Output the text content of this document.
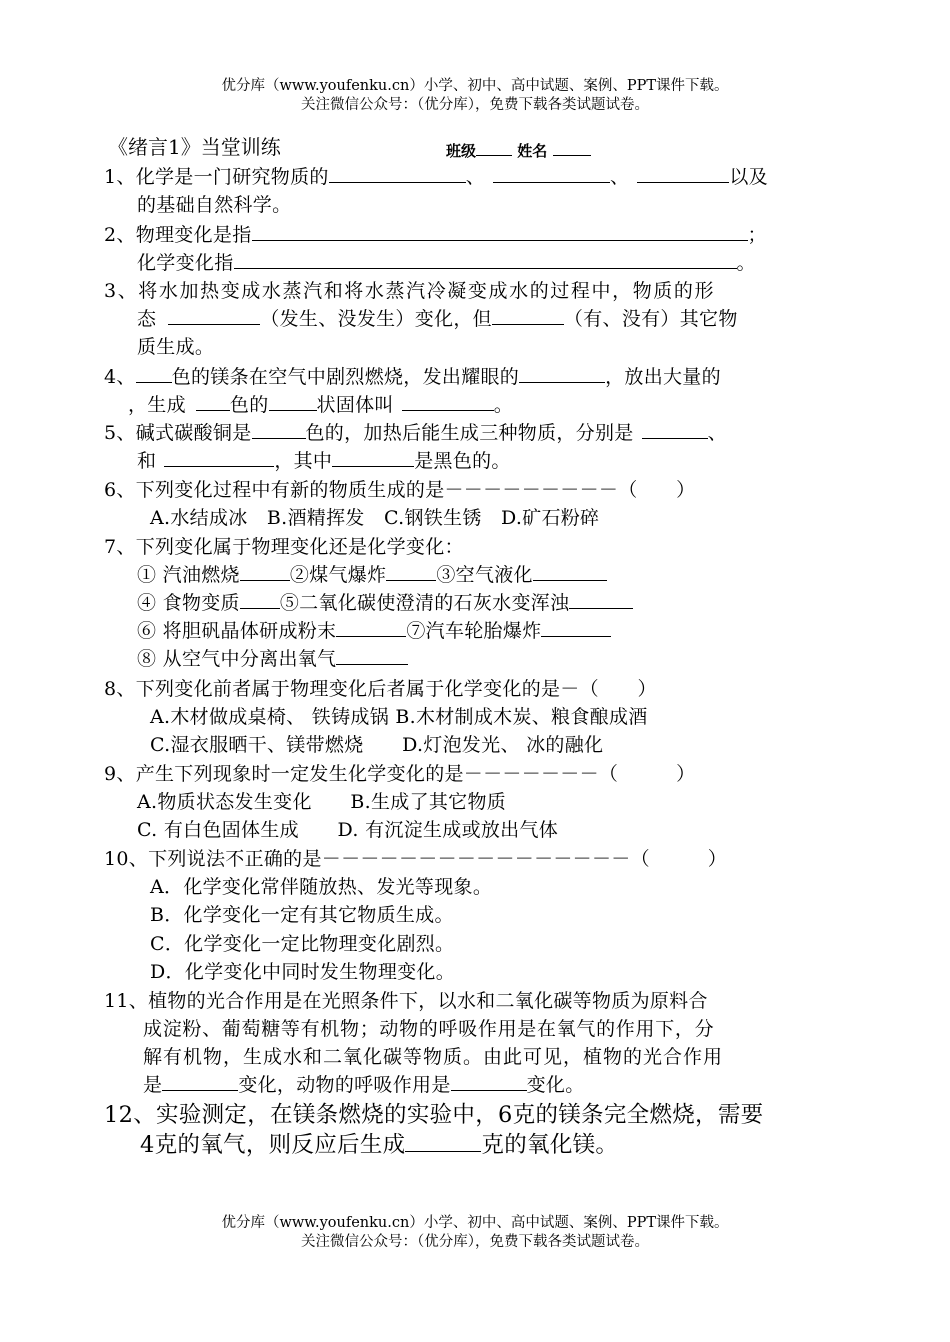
优分库（www.youfenku.cn）小学、初中、高中试题、案例、PPT课件下载。
关注微信公众号：（优分库），免费下载各类试题试卷。
《绪言1》当堂训练	班级	姓名
1、化学是一门研究物质的	、	、	以及
的基础自然科学。
2、物理变化是指	；
化学变化指	。
3、将水加热变成水蒸汽和将水蒸汽冷凝变成水的过程中，物质的形
态	（发生、没发生）变化，但	（有、没有）其它物
质生成。
4、 色的镁条在空气中剧烈燃烧，发出耀眼的	，放出大量的
，生成 色的	状固体叫	。
5、碱式碳酸铜是	色的，加热后能生成三种物质，分别是	、
和	，其中	是黑色的。
6、下列变化过程中有新的物质生成的是－－－－－－－－－（　　）
A.水结成冰　B.酒精挥发　C.钢铁生锈　D.矿石粉碎
7、下列变化属于物理变化还是化学变化：
① 汽油燃烧	②煤气爆炸	③空气液化
④ 食物变质 ⑤二氧化碳使澄清的石灰水变浑浊
⑥ 将胆矾晶体研成粉末	⑦汽车轮胎爆炸
⑧ 从空气中分离出氧气
8、下列变化前者属于物理变化后者属于化学变化的是－（　　）
A.木材做成桌椅、 铁铸成锅 B.木材制成木炭、粮食酿成酒
C.湿衣服晒干、镁带燃烧　　D.灯泡发光、 冰的融化
9、产生下列现象时一定发生化学变化的是－－－－－－－（　　　）
A.物质状态发生变化　　B.生成了其它物质
C. 有白色固体生成　　D. 有沉淀生成或放出气体
10、下列说法不正确的是－－－－－－－－－－－－－－－－（　　　）
A．化学变化常伴随放热、发光等现象。
B．化学变化一定有其它物质生成。
C．化学变化一定比物理变化剧烈。
D．化学变化中同时发生物理变化。
11、植物的光合作用是在光照条件下，以水和二氧化碳等物质为原料合
成淀粉、葡萄糖等有机物；动物的呼吸作用是在氧气的作用下，分
解有机物，生成水和二氧化碳等物质。由此可见，植物的光合作用
是	变化，动物的呼吸作用是	变化。
12、实验测定，在镁条燃烧的实验中，6克的镁条完全燃烧，需要
4克的氧气，则反应后生成	克的氧化镁。
优分库（www.youfenku.cn）小学、初中、高中试题、案例、PPT课件下载。
关注微信公众号：（优分库），免费下载各类试题试卷。
